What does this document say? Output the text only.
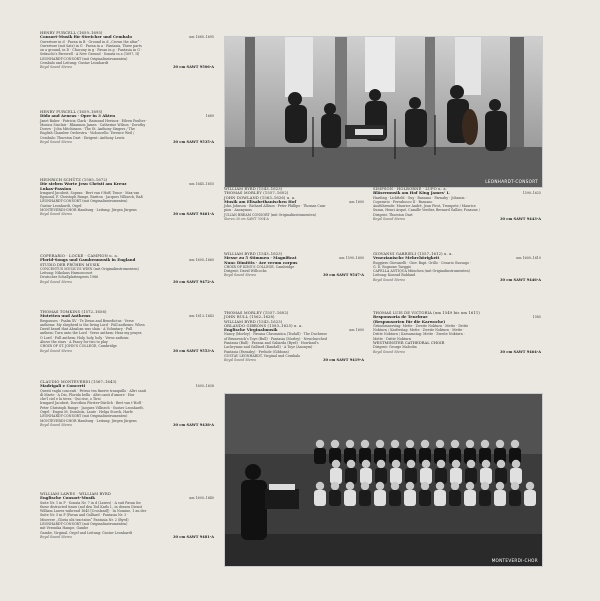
HENRY PURCELL (1659–1695)
um 1680–1695
Consort-Musik für Streicher und Cembalo
Ouverture in d · Pavan in B · Ground in d „Crown the altar“ ·
Ouverture (mit Satz) in G · Pavan in a · Fantasia, Three parts
on a ground, in D · Chacony in g · Pavan in g · Fantasia in G ·
Sefauchi’s Farewell · A New Ground · Sonata in a (1697, II)
LEONHARDT-CONSORT (mit Originalinstrumenten)
Cembalo und Leitung: Gustav Leonhardt
30 cm SAWT 9506-A
Royal Sound Stereo
HENRY PURCELL (1659–1695)
1689
Dido and Aeneas · Oper in 3 Akten
Janet Baker · Patricia Clark · Raimund Herincx · Eileen Poulter ·
Monica Sinclair · Rhiannon James · Catherine Wilson · Dorothy
Dorow · John Mitchinson · The St. Anthony Singers / The
English Chamber Orchestra · Violoncello: Terence Weil /
Cembalo: Thurston Dart · Dirigent: Anthony Lewis
30 cm SAWT 9535-A
Royal Sound Stereo
HEINRICH SCHÜTZ (1585–1672)
um 1645–1655
Die sieben Worte Jesu Christi am Kreuz
Lukas-Passion
Irmgard Jacobeit, Sopran · Bert van t’Hoff, Tenor · Max van
Egmond, F. Christoph Runge, Bariton · Jacques Villisech, Baß
LEONHARDT-CONSORT (mit Originalinstrumenten)
Gustav Leonhardt, Orgel
MONTEVERDI-CHOR Hamburg · Leitung: Jürgen Jürgens
30 cm SAWT 9461-A
Royal Sound Stereo
COPERARIO · LOCKE · CAMPION u. a.
um 1600–1660
Florid-Songs und Gambenmusik in England
STUDIO DER FRÜHEN MUSIK
CONCENTUS MUSICUS WIEN (mit Originalinstrumenten)
Leitung: Nikolaus Harnoncourt
Deutscher Schallplattenpreis 1966
30 cm SAWT 9472-A
Royal Sound Stereo
THOMAS TOMKINS (1572–1656)
um 1613–1643
Motetten und Anthems
Responses · Psalm XV · Te Deum and Benedictus · Verse
anthems: My shepherd is the living Lord · Full anthems: When
David heard that Absalom was slain · A Voluntary · Full
anthem: Turn unto the Lord · Verse anthem: Hear my prayer,
O Lord · Full anthem: Holy, holy, holy · Verse anthem:
Above the stars · A Fancy for two to play
CHOIR OF ST. JOHN’S COLLEGE, Cambridge
30 cm SAWT 9553-A
Royal Sound Stereo
CLAUDIO MONTEVERDI (1567–1643)
1605–1638
Madrigali e Concerti
Questi vaghi concenti · Petrus ten finerte tranquillo · Altri canti
di Marte · A Dio, Florida bella · Altri canti d’amore · Hor
che’l ciel e la terra · Qui rise, o Tirsi
Irmgard Jacobeit, Dorothea Förster-Dürlich · Bert van t’Hoff ·
Peter Christoph Runge · Jacques Villisech · Gustav Leonhardt,
Orgel · Eugen M. Dombois, Laute · Helga Storck, Harfe
LEONHARDT-CONSORT (mit Originalinstrumenten)
MONTEVERDI-CHOR Hamburg · Leitung: Jürgen Jürgens
30 cm SAWT 9438-A
Royal Sound Stereo
WILLIAM LAWES · WILLIAM BYRD
um 1600–1640
Englische Consort-Musik
Suite Nr. 1 in F · Sonata Nr. 7 in d (Lawes) · A suit Pavan for
these distracted times (auf den Tod Karls I., in dessen Dienst
William Lawes während 1645 [Crosland]) · In Nomine, 1 an der
Suite Nr. 5 in F (Pavan and Galliard · Fantasia Nr. 3 ·
Miserere „Gloria ubi tractatus“ Fantasia Nr. 2 (Byrd)
LEONHARDT-CONSORT (mit Originalinstrumenten)
mit Veronika Hampe, Gambe
Gambe, Virginal, Orgel und Leitung: Gustav Leonhardt
30 cm SAWT 9481-A
Royal Sound Stereo
LEONHARDT-CONSORT
WILLIAM BYRD (1543–1623)
THOMAS MORLEY (1557–1602)
JOHN DOWLAND (1563–1626) u. a.
um 1600
Musik am Elisabethanischen Hof
John Johnson · Richard Allison · Peter Phillips · Thomas Cam-
pion · Anonymus
JULIAN BREAM CONSORT (mit Originalinstrumenten)
Stereo 30 cm SAWT 7004-A
WILLIAM BYRD (1543–1623)
um 1590–1600
Messe zu 5 Stimmen · Magnificat
Nunc Dimittis · Ave verum corpus
CHOIR OF KING’S COLLEGE, Cambridge
Dirigent: David Willcocks
30 cm SAWT 9547-A
Royal Sound Stereo
THOMAS MORLEY (1557–1602)
JOHN BULL (1562–1628)
WILLIAM BYRD (1543–1623)
ORLANDO GIBBONS (1583–1625) u. a.
um 1600
Englische Virginalmusik
Nancy (Morley) · Pavana Chromatica (Tisdall) · The Duchesse
of Brunswick’s Toye (Bull) · Fantasia (Morley) · Newchurched
Fantasia (Bull) · Pavana and Galiarda (Byrd) · Howland’s
Lachrymae and Galliard (Randall) · A Toye (Anonym) ·
Fantasia (Farnaby) · Prelude (Gibbons)
GUSTAV LEONHARDT, Virginal und Cembalo
30 cm SAWT 9419-A
Royal Sound Stereo
SIMPSON · HOLBORNE · LUPO u. a.
1590–1625
Bläsermusik am Hof King James’ I.
Harding · Lichfield · Guy · Bassano · Farnaby · Johnson ·
Coperario · Ferrabosco II · Bassano
Ausführende: Maurice André, Jean Pirot, Trompete / Maurice
Suzan, Henri Arqué, Camille Verdier, Bernard Gallier, Posaune /
Dirigent: Thurston Dart
30 cm SAWT 9443-A
Royal Sound Stereo
GIOVANNI GABRIELI (1557–1612) u. a.
um 1600–1610
Venezianische Mehrchörigkeit
Ruggiero Giovanelli · Giov. Bapt. Grillo · Cesario Gussago ·
G. D. Rognone Taeggio
CAPELLA ANTIQUA München (mit Originalinstrumenten)
Leitung: Konrad Ruhland
30 cm SAWT 9446-A
Royal Sound Stereo
THOMAS LUIS DE VICTORIA (um 1549 bis um 1611)
1585
Responsoria de Tenebrae
(Responsorien für die Karwoche)
Gründonnerstag: Mette · Zweite Nokturn · Mette · Dritte
Nokturn / Karfreitag: Mette · Zweite Nokturn · Mette ·
Dritte Nokturn / Karsamstag: Mette · Zweite Nokturn ·
Mette · Dritte Nokturn
WESTMINSTER CATHEDRAL CHOIR
Dirigent: George Malcolm
30 cm SAWT 9464-A
Royal Sound Stereo
MONTEVERDI-CHOR
